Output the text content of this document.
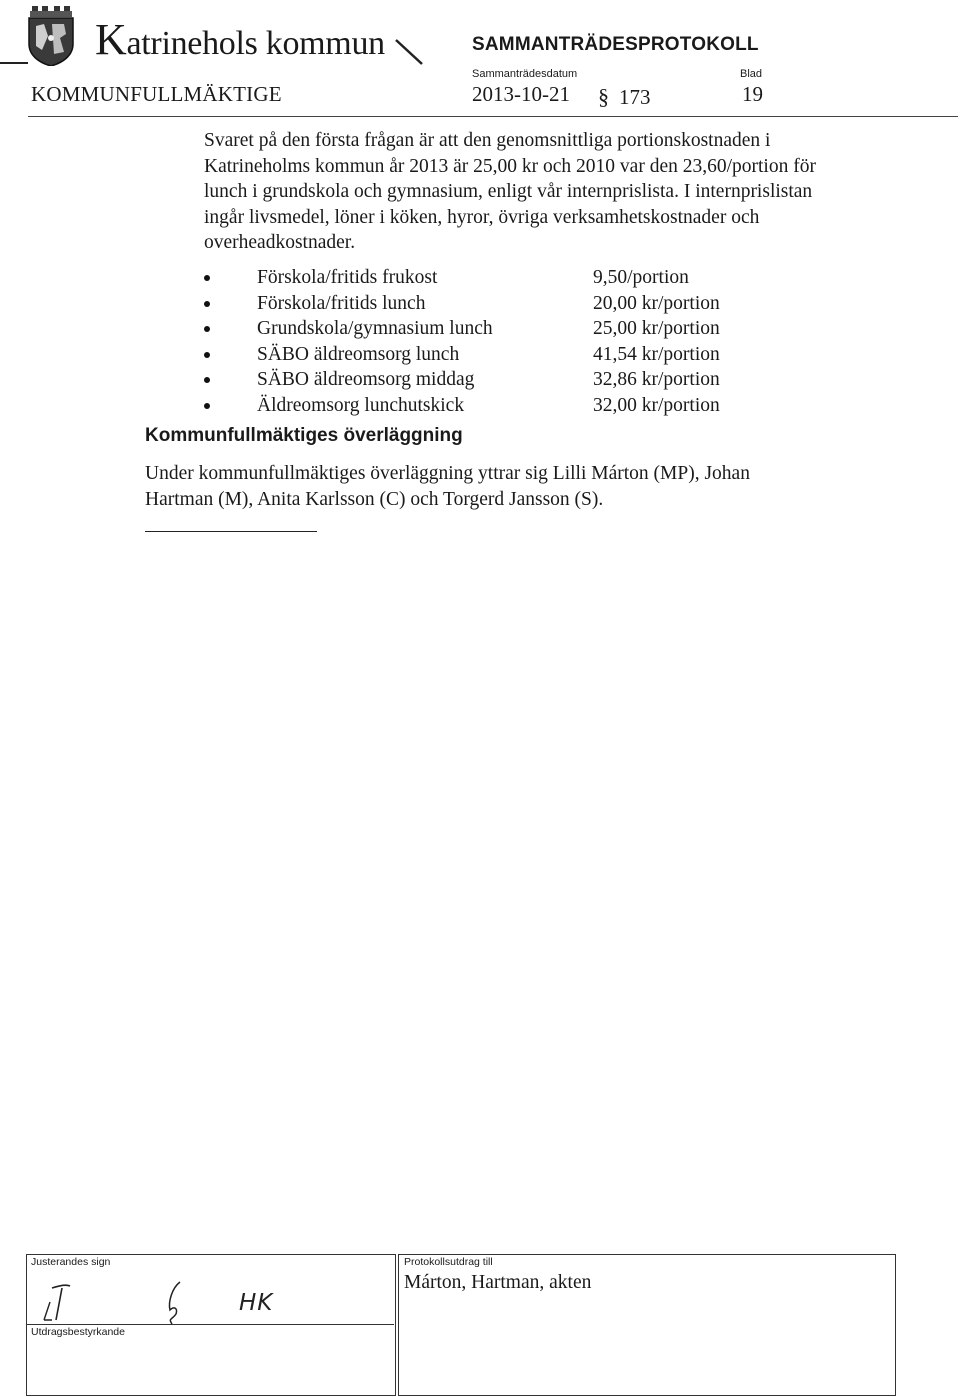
Katrinehols kommun	SAMMANTRÄDESPROTOKOLL
KOMMUNFULLMÄKTIGE
Sammanträdesdatum	Blad
2013-10-21 § 173	19
Svaret på den första frågan är att den genomsnittliga portionskostnaden i Katrineholms kommun år 2013 är 25,00 kr och 2010 var den 23,60/portion för lunch i grundskola och gymnasium, enligt vår internprislista. I internprislistan ingår livsmedel, löner i köken, hyror, övriga verksamhetskostnader och overheadkostnader.
Förskola/fritids frukost	9,50/portion
Förskola/fritids lunch	20,00 kr/portion
Grundskola/gymnasium lunch	25,00 kr/portion
SÄBO äldreomsorg lunch	41,54 kr/portion
SÄBO äldreomsorg middag	32,86 kr/portion
Äldreomsorg lunchutskick	32,00 kr/portion
Kommunfullmäktiges överläggning
Under kommunfullmäktiges överläggning yttrar sig Lilli Márton (MP), Johan Hartman (M), Anita Karlsson (C) och Torgerd Jansson (S).
Justerandes sign
Utdragsbestyrkande
Protokollsutdrag till
Márton, Hartman, akten
HK
